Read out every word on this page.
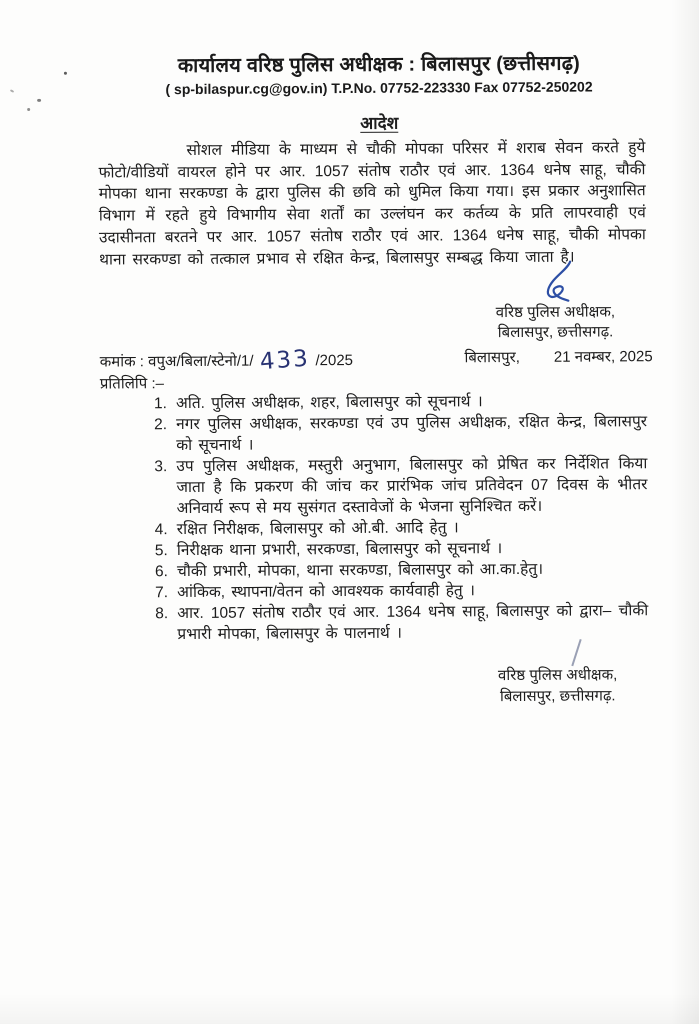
कार्यालय वरिष्ठ पुलिस अधीक्षक : बिलासपुर (छत्तीसगढ़)
( sp-bilaspur.cg@gov.in) T.P.No. 07752-223330 Fax 07752-250202
आदेश
सोशल मीडिया के माध्यम से चौकी मोपका परिसर में शराब सेवन करते हुये फोटो/वीडियों वायरल होने पर आर. 1057 संतोष राठौर एवं आर. 1364 धनेष साहू, चौकी मोपका थाना सरकण्डा के द्वारा पुलिस की छवि को धुमिल किया गया। इस प्रकार अनुशासित विभाग में रहते हुये विभागीय सेवा शर्तों का उल्लंघन कर कर्तव्य के प्रति लापरवाही एवं उदासीनता बरतने पर आर. 1057 संतोष राठौर एवं आर. 1364 धनेष साहू, चौकी मोपका थाना सरकण्डा को तत्काल प्रभाव से रक्षित केन्द्र, बिलासपुर सम्बद्ध किया जाता है।
वरिष्ठ पुलिस अधीक्षक,
बिलासपुर, छत्तीसगढ़.
कमांक : वपुअ/बिला/स्टेनो/1/ 433 /2025	बिलासपुर, 21 नवम्बर, 2025
प्रतिलिपि :–
1. अति. पुलिस अधीक्षक, शहर, बिलासपुर को सूचनार्थ ।
2. नगर पुलिस अधीक्षक, सरकण्डा एवं उप पुलिस अधीक्षक, रक्षित केन्द्र, बिलासपुर को सूचनार्थ ।
3. उप पुलिस अधीक्षक, मस्तुरी अनुभाग, बिलासपुर को प्रेषित कर निर्देशित किया जाता है कि प्रकरण की जांच कर प्रारंभिक जांच प्रतिवेदन 07 दिवस के भीतर अनिवार्य रूप से मय सुसंगत दस्तावेजों के भेजना सुनिश्चित करें।
4. रक्षित निरीक्षक, बिलासपुर को ओ.बी. आदि हेतु ।
5. निरीक्षक थाना प्रभारी, सरकण्डा, बिलासपुर को सूचनार्थ ।
6. चौकी प्रभारी, मोपका, थाना सरकण्डा, बिलासपुर को आ.का.हेतु।
7. आंकिक, स्थापना/वेतन को आवश्यक कार्यवाही हेतु ।
8. आर. 1057 संतोष राठौर एवं आर. 1364 धनेष साहू, बिलासपुर को द्वारा– चौकी प्रभारी मोपका, बिलासपुर के पालनार्थ ।
वरिष्ठ पुलिस अधीक्षक,
बिलासपुर, छत्तीसगढ़.
